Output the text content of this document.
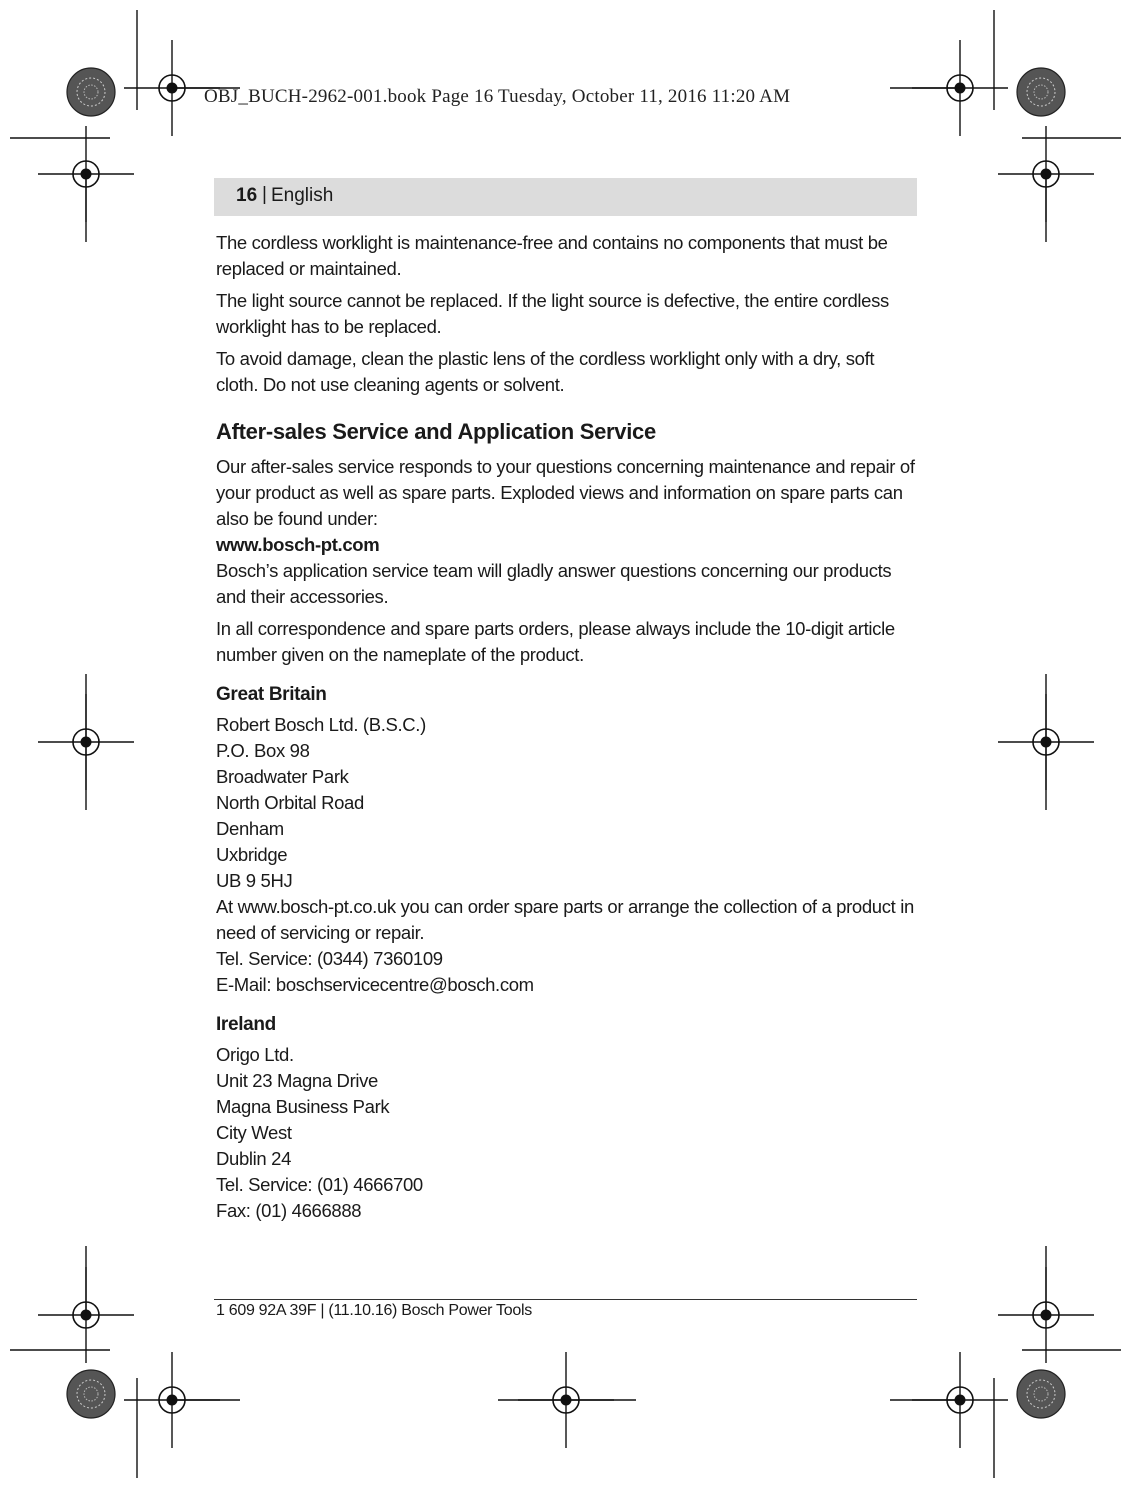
OBJ_BUCH-2962-001.book Page 16 Tuesday, October 11, 2016 11:20 AM
16 | English

The cordless worklight is maintenance-free and contains no components that must be replaced or maintained.

The light source cannot be replaced. If the light source is defective, the entire cordless worklight has to be replaced.

To avoid damage, clean the plastic lens of the cordless worklight only with a dry, soft cloth. Do not use cleaning agents or solvent.

After-sales Service and Application Service

Our after-sales service responds to your questions concerning maintenance and repair of your product as well as spare parts. Exploded views and information on spare parts can also be found under:

www.bosch-pt.com

Bosch’s application service team will gladly answer questions concerning our products and their accessories.

In all correspondence and spare parts orders, please always include the 10-digit article number given on the nameplate of the product.

Great Britain
Robert Bosch Ltd. (B.S.C.)
P.O. Box 98
Broadwater Park
North Orbital Road
Denham
Uxbridge
UB 9 5HJ
At www.bosch-pt.co.uk you can order spare parts or arrange the collection of a product in need of servicing or repair.
Tel. Service: (0344) 7360109
E-Mail: boschservicecentre@bosch.com
Ireland
Origo Ltd.
Unit 23 Magna Drive
Magna Business Park
City West
Dublin 24
Tel. Service: (01) 4666700
Fax: (01) 4666888
1 609 92A 39F | (11.10.16) Bosch Power Tools
